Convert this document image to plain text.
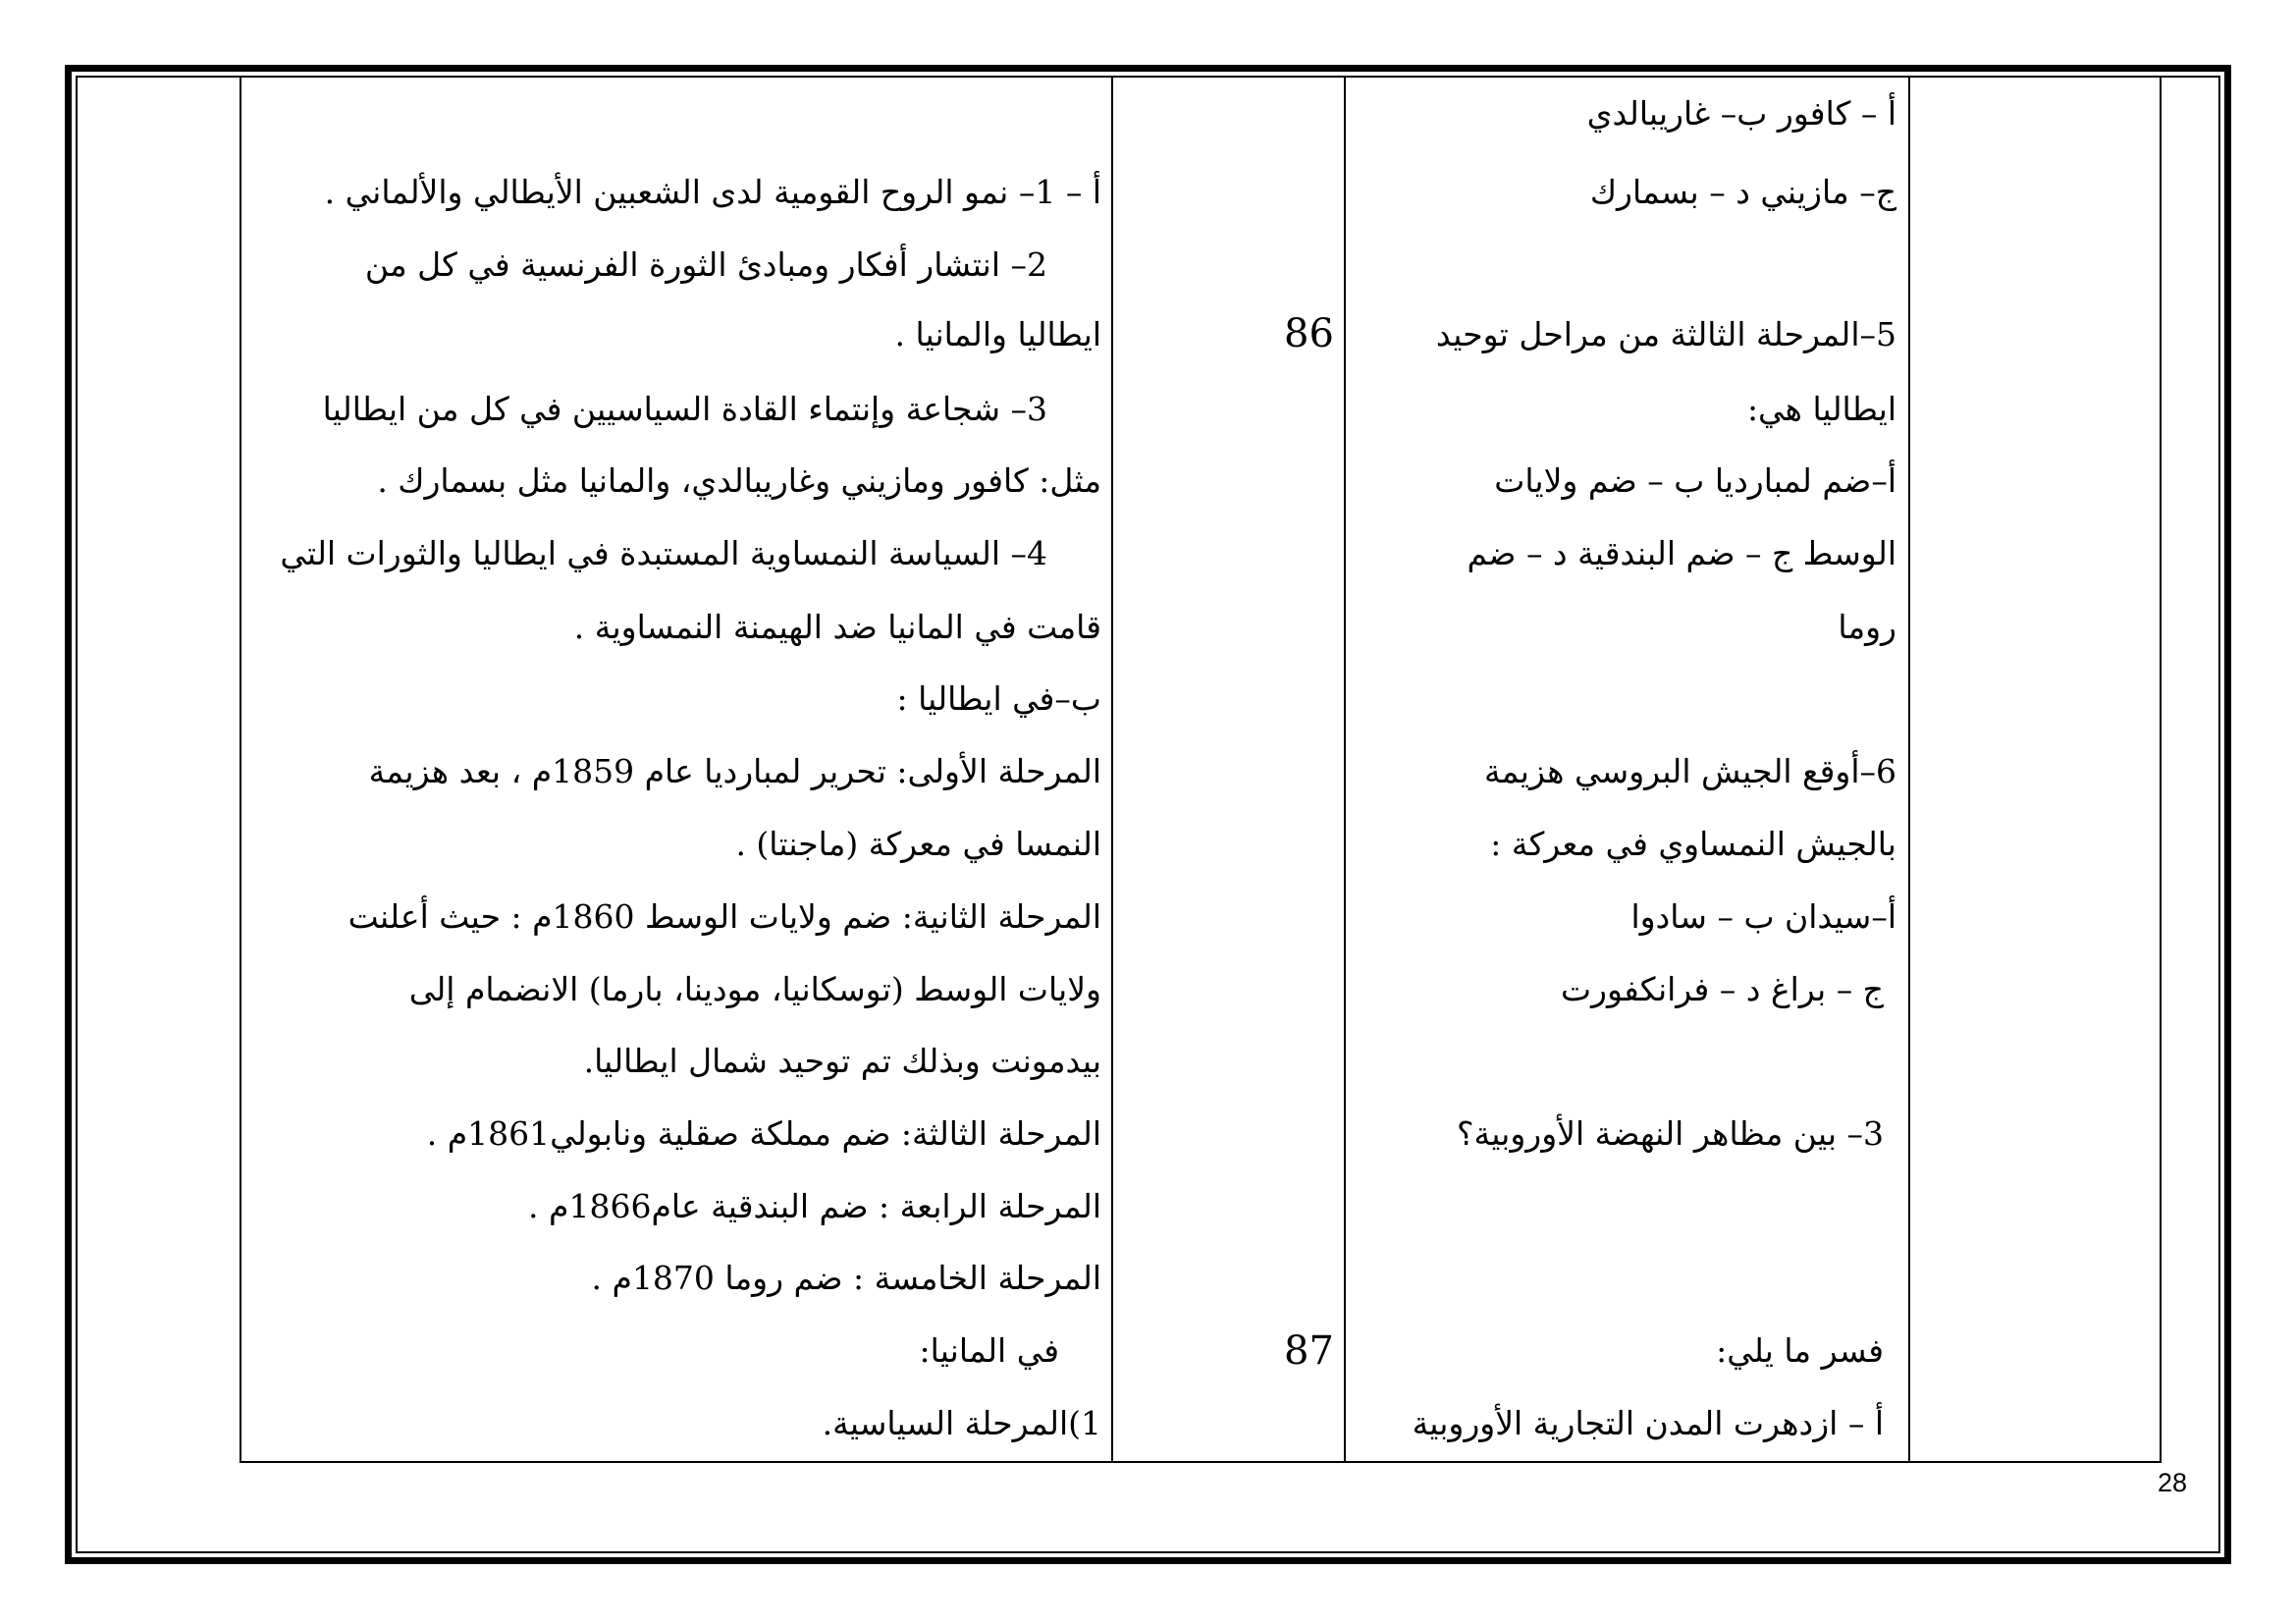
أ – كافور ب– غاريبالدي
ج– مازيني د – بسمارك
5–المرحلة الثالثة من مراحل توحيد
ايطاليا هي:
أ–ضم لمبارديا ب – ضم ولايات
الوسط ج – ضم البندقية د – ضم
روما
6–أوقع الجيش البروسي هزيمة
بالجيش النمساوي في معركة :
أ–سيدان ب – سادوا
ج – براغ د – فرانكفورت
3– بين مظاهر النهضة الأوروبية؟
فسر ما يلي:
أ – ازدهرت المدن التجارية الأوروبية
86
87
أ – 1– نمو الروح القومية لدى الشعبين الأيطالي والألماني .
2– انتشار أفكار ومبادئ الثورة الفرنسية في كل من
ايطاليا والمانيا .
3– شجاعة وإنتماء القادة السياسيين في كل من ايطاليا
مثل: كافور ومازيني وغاريبالدي، والمانيا مثل بسمارك .
4– السياسة النمساوية المستبدة في ايطاليا والثورات التي
قامت في المانيا ضد الهيمنة النمساوية .
ب–في ايطاليا :
المرحلة الأولى: تحرير لمبارديا عام 1859م ، بعد هزيمة
النمسا في معركة (ماجنتا) .
المرحلة الثانية: ضم ولايات الوسط 1860م : حيث أعلنت
ولايات الوسط (توسكانيا، مودينا، بارما) الانضمام إلى
بيدمونت وبذلك تم توحيد شمال ايطاليا.
المرحلة الثالثة: ضم مملكة صقلية ونابولي1861م .
المرحلة الرابعة : ضم البندقية عام1866م .
المرحلة الخامسة : ضم روما 1870م .
في المانيا:
1)المرحلة السياسية.
28
